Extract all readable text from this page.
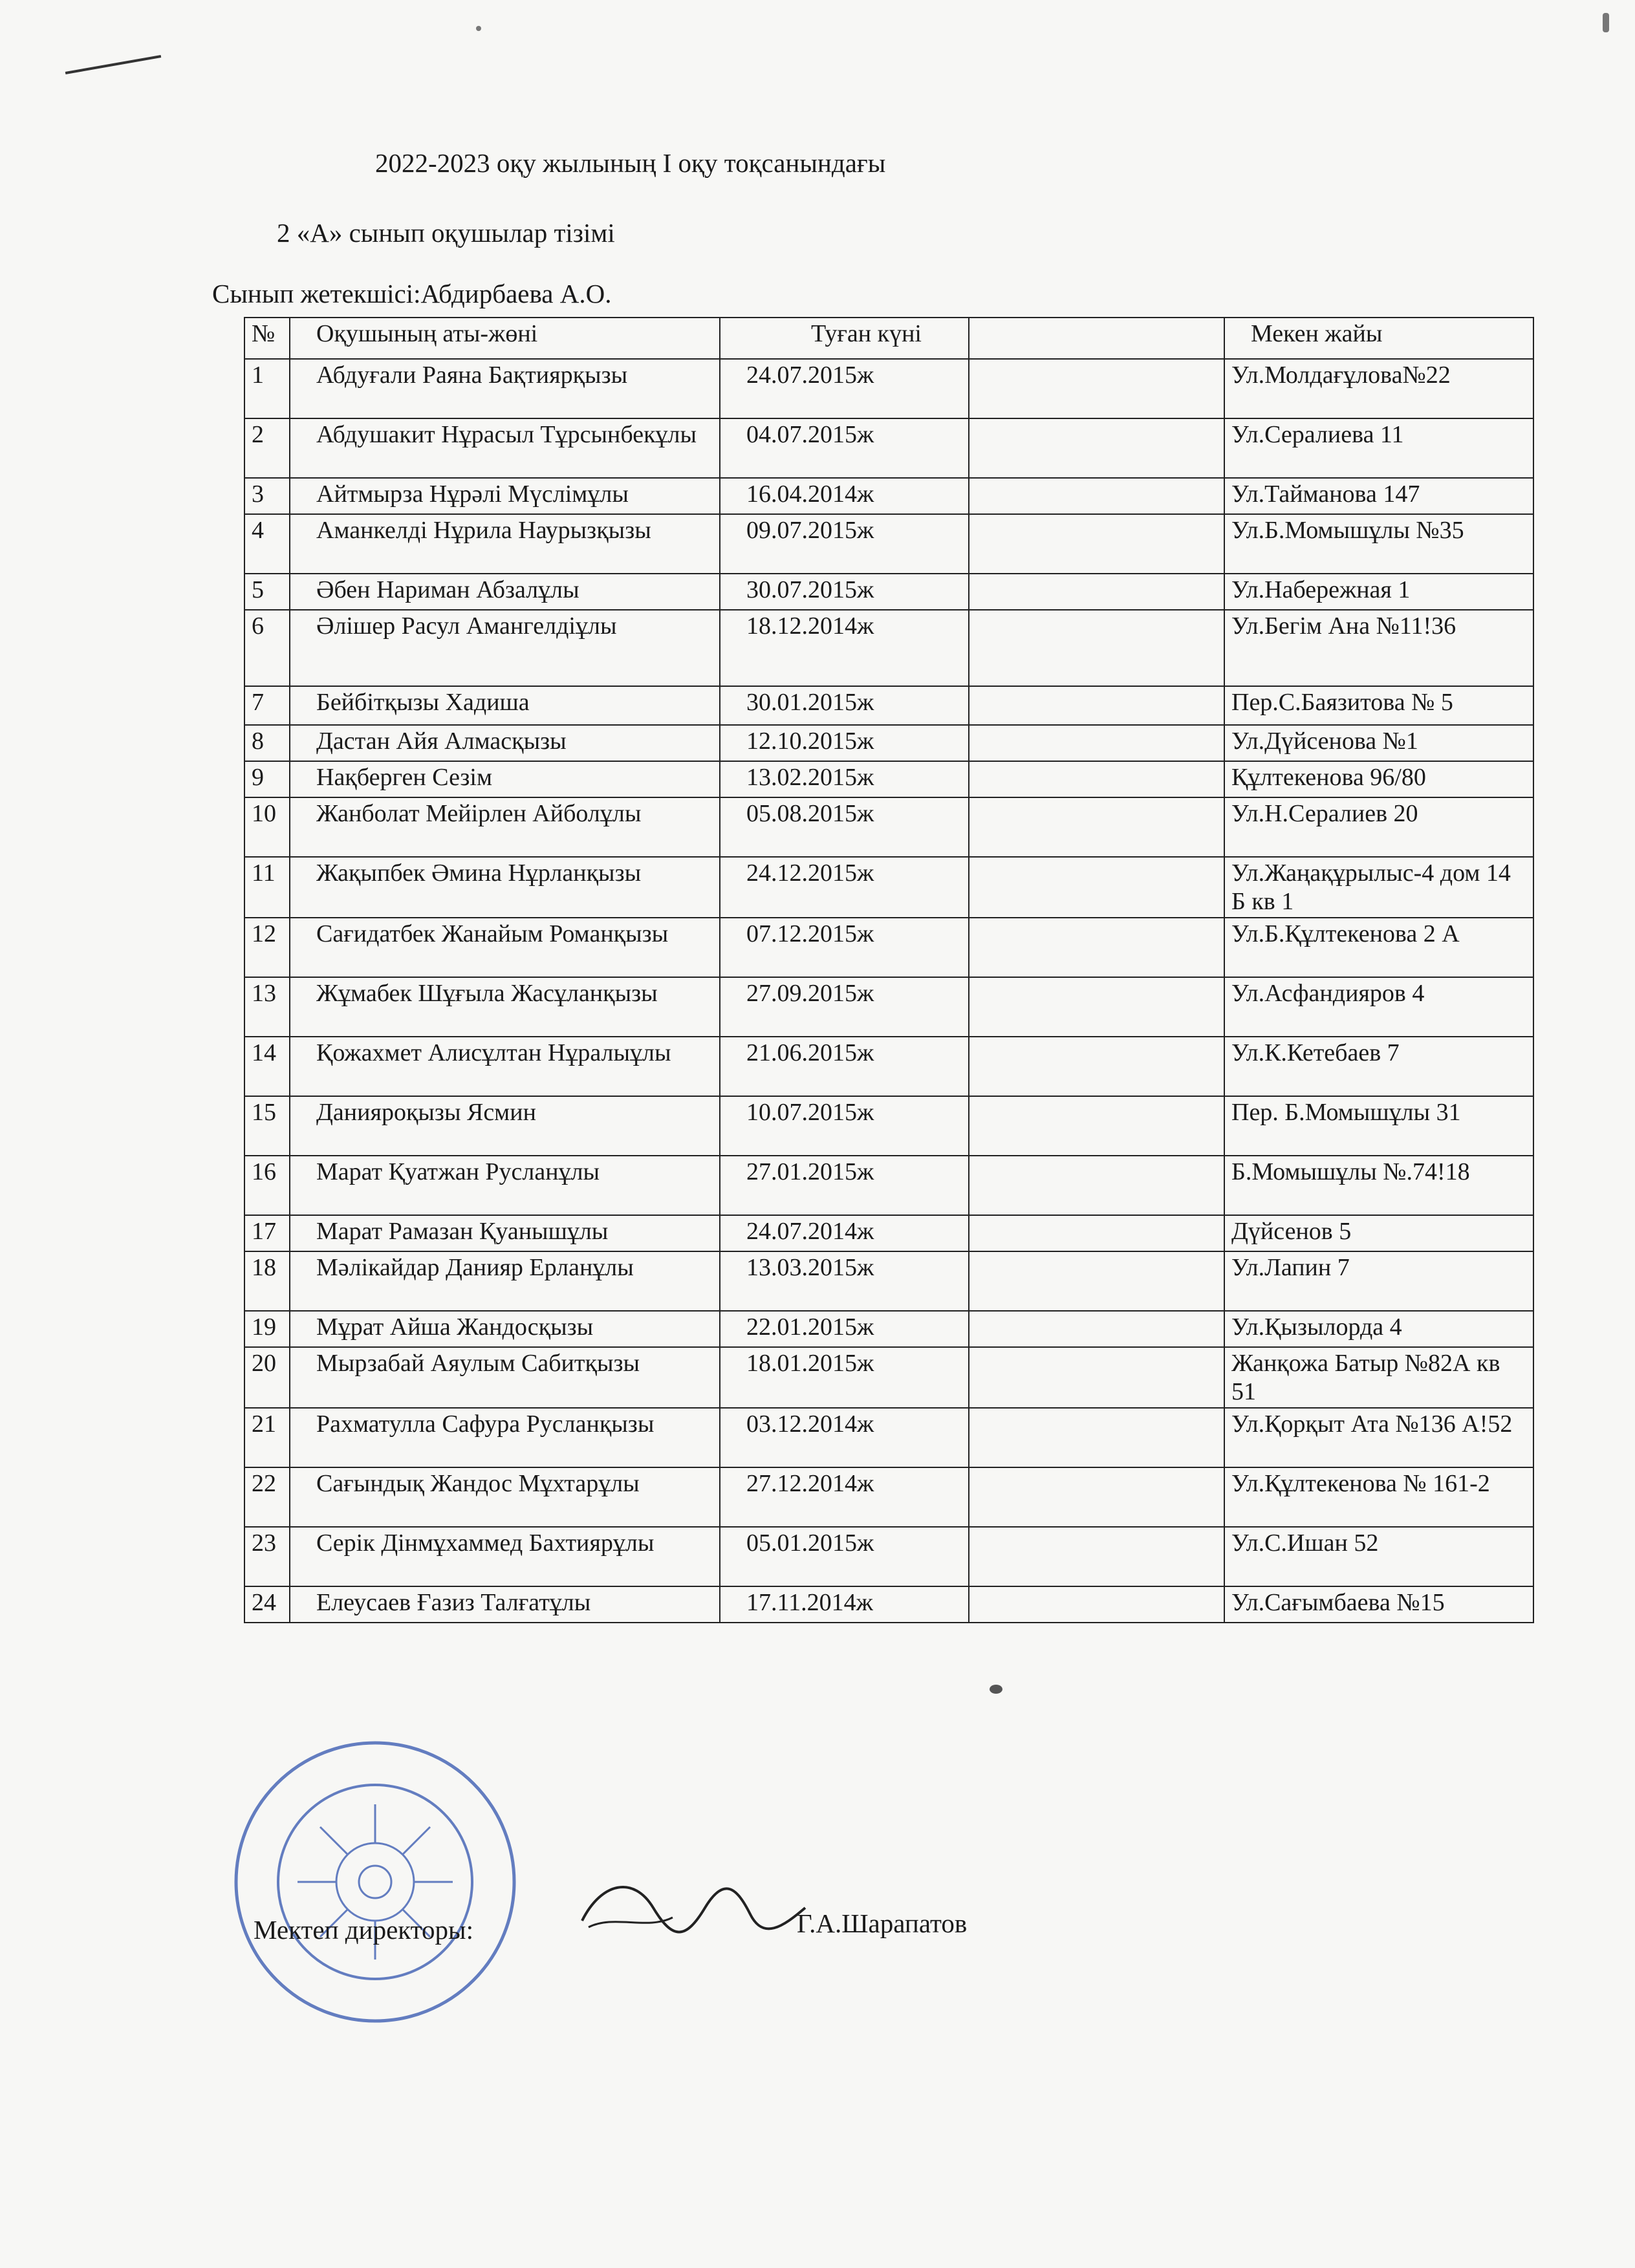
2022-2023 оқу жылының І оқу тоқсанындағы
2 «А» сынып оқушылар тізімі
Сынып жетекшісі:Абдирбаева А.О.
№	Оқушының аты-жөні	Туған күні		Мекен жайы
1	Абдуғали Раяна Бақтиярқызы	24.07.2015ж		Ул.Молдағұлова№22
2	Абдушакит Нұрасыл Тұрсынбекұлы	04.07.2015ж		Ул.Сералиева 11
3	Айтмырза Нұрәлі Мүслімұлы	16.04.2014ж		Ул.Тайманова 147
4	Аманкелді Нұрила Наурызқызы	09.07.2015ж		Ул.Б.Момышұлы №35
5	Әбен Нариман Абзалұлы	30.07.2015ж		Ул.Набережная 1
6	Әлішер Расул Амангелдіұлы	18.12.2014ж		Ул.Бегім Ана №11!36
7	Бейбітқызы Хадиша	30.01.2015ж		Пер.С.Баязитова № 5
8	Дастан Айя Алмасқызы	12.10.2015ж		Ул.Дүйсенова №1
9	Нақберген Сезім	13.02.2015ж		Құлтекенова 96/80
10	Жанболат Мейірлен Айболұлы	05.08.2015ж		Ул.Н.Сералиев 20
11	Жақыпбек Әмина Нұрланқызы	24.12.2015ж		Ул.Жаңақұрылыс-4 дом 14 Б кв 1
12	Сағидатбек Жанайым Романқызы	07.12.2015ж		Ул.Б.Құлтекенова 2 А
13	Жұмабек Шұғыла Жасұланқызы	27.09.2015ж		Ул.Асфандияров 4
14	Қожахмет Алисұлтан Нұралыұлы	21.06.2015ж		Ул.К.Кетебаев 7
15	Данияроқызы Ясмин	10.07.2015ж		Пер. Б.Момышұлы 31
16	Марат Қуатжан Русланұлы	27.01.2015ж		Б.Момышұлы №.74!18
17	Марат Рамазан Қуанышұлы	24.07.2014ж		Дүйсенов 5
18	Мәлікайдар Данияр Ерланұлы	13.03.2015ж		Ул.Лапин 7
19	Мұрат Айша Жандосқызы	22.01.2015ж		Ул.Қызылорда 4
20	Мырзабай Аяулым Сабитқызы	18.01.2015ж		Жанқожа Батыр №82А кв 51
21	Рахматулла Сафура Русланқызы	03.12.2014ж		Ул.Қорқыт Ата №136 А!52
22	Сағындық Жандос Мұхтарұлы	27.12.2014ж		Ул.Құлтекенова № 161-2
23	Серік Дінмұхаммед Бахтиярұлы	05.01.2015ж		Ул.С.Ишан 52
24	Елеусаев Ғазиз Талғатұлы	17.11.2014ж		Ул.Сағымбаева №15
Мектеп директоры:	Г.А.Шарапатов
